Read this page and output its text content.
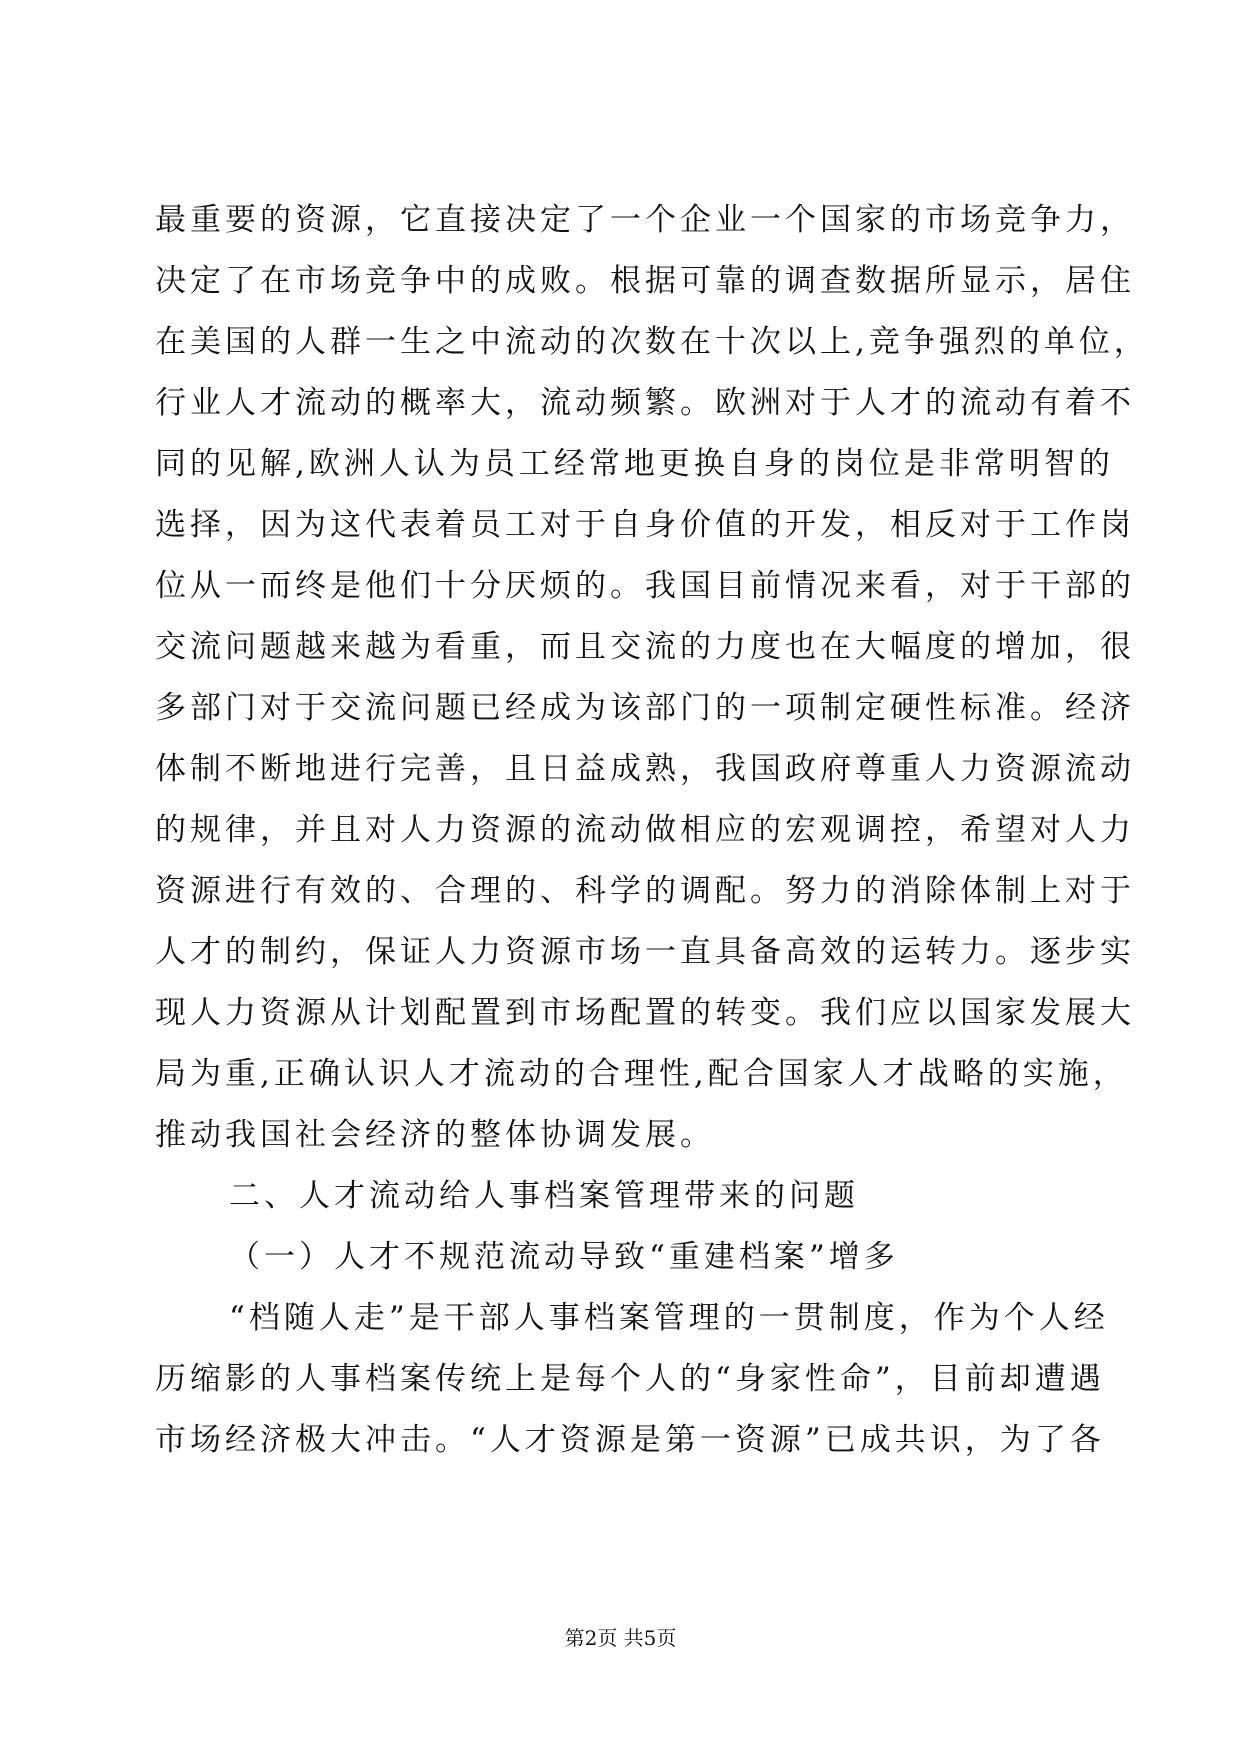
最重要的资源，它直接决定了一个企业一个国家的市场竞争力，
决定了在市场竞争中的成败。根据可靠的调查数据所显示，居住
在美国的人群一生之中流动的次数在十次以上,竞争强烈的单位，
行业人才流动的概率大，流动频繁。欧洲对于人才的流动有着不
同的见解,欧洲人认为员工经常地更换自身的岗位是非常明智的
选择，因为这代表着员工对于自身价值的开发，相反对于工作岗
位从一而终是他们十分厌烦的。我国目前情况来看，对于干部的
交流问题越来越为看重，而且交流的力度也在大幅度的增加，很
多部门对于交流问题已经成为该部门的一项制定硬性标准。经济
体制不断地进行完善，且日益成熟，我国政府尊重人力资源流动
的规律，并且对人力资源的流动做相应的宏观调控，希望对人力
资源进行有效的、合理的、科学的调配。努力的消除体制上对于
人才的制约，保证人力资源市场一直具备高效的运转力。逐步实
现人力资源从计划配置到市场配置的转变。我们应以国家发展大
局为重,正确认识人才流动的合理性,配合国家人才战略的实施，
推动我国社会经济的整体协调发展。
二、人才流动给人事档案管理带来的问题
（一）人才不规范流动导致“重建档案”增多
“档随人走”是干部人事档案管理的一贯制度，作为个人经
历缩影的人事档案传统上是每个人的“身家性命”，目前却遭遇
市场经济极大冲击。“人才资源是第一资源”已成共识，为了各
第2页 共5页
